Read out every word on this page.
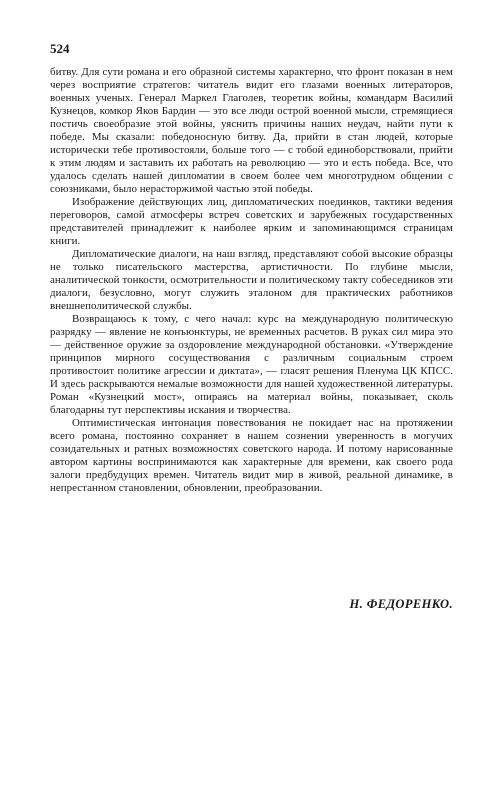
524

битву. Для сути романа и его образной системы характерно, что фронт показан в нем через восприятие стратегов: читатель видит его глазами военных литераторов, военных ученых. Генерал Маркел Глаголев, теоретик войны, командарм Василий Кузнецов, комкор Яков Бардин — это все люди острой военной мысли, стремящиеся постичь своеобразие этой войны, уяснить причины наших неудач, найти пути к победе. Мы сказали: победоносную битву. Да, прийти в стан людей, которые исторически тебе противостояли, больше того — с тобой единоборствовали, прийти к этим людям и заставить их работать на революцию — это и есть победа. Все, что удалось сделать нашей дипломатии в своем более чем многотрудном общении с союзниками, было нерасторжимой частью этой победы.

Изображение действующих лиц, дипломатических поединков, тактики ведения переговоров, самой атмосферы встреч советских и зарубежных государственных представителей принадлежит к наиболее ярким и запоминающимся страницам книги.

Дипломатические диалоги, на наш взгляд, представляют собой высокие образцы не только писательского мастерства, артистичности. По глубине мысли, аналитической тонкости, осмотрительности и политическому такту собеседников эти диалоги, безусловно, могут служить эталоном для практических работников внешнеполитической службы.

Возвращаюсь к тому, с чего начал: курс на международную политическую разрядку — явление не конъюнктуры, не временных расчетов. В руках сил мира это — действенное оружие за оздоровление международной обстановки. «Утверждение принципов мирного сосуществования с различным социальным строем противостоит политике агрессии и диктата», — гласят решения Пленума ЦК КПСС. И здесь раскрываются немалые возможности для нашей художественной литературы. Роман «Кузнецкий мост», опираясь на материал войны, показывает, сколь благодарны тут перспективы искания и творчества.

Оптимистическая интонация повествования не покидает нас на протяжении всего романа, постоянно сохраняет в нашем сознении уверенность в могучих созидательных и ратных возможностях советского народа. И потому нарисованные автором картины воспринимаются как характерные для времени, как своего рода залоги предбудущих времен. Читатель видит мир в живой, реальной динамике, в непрестанном становлении, обновлении, преобразовании.

Н. ФЕДОРЕНКО.
